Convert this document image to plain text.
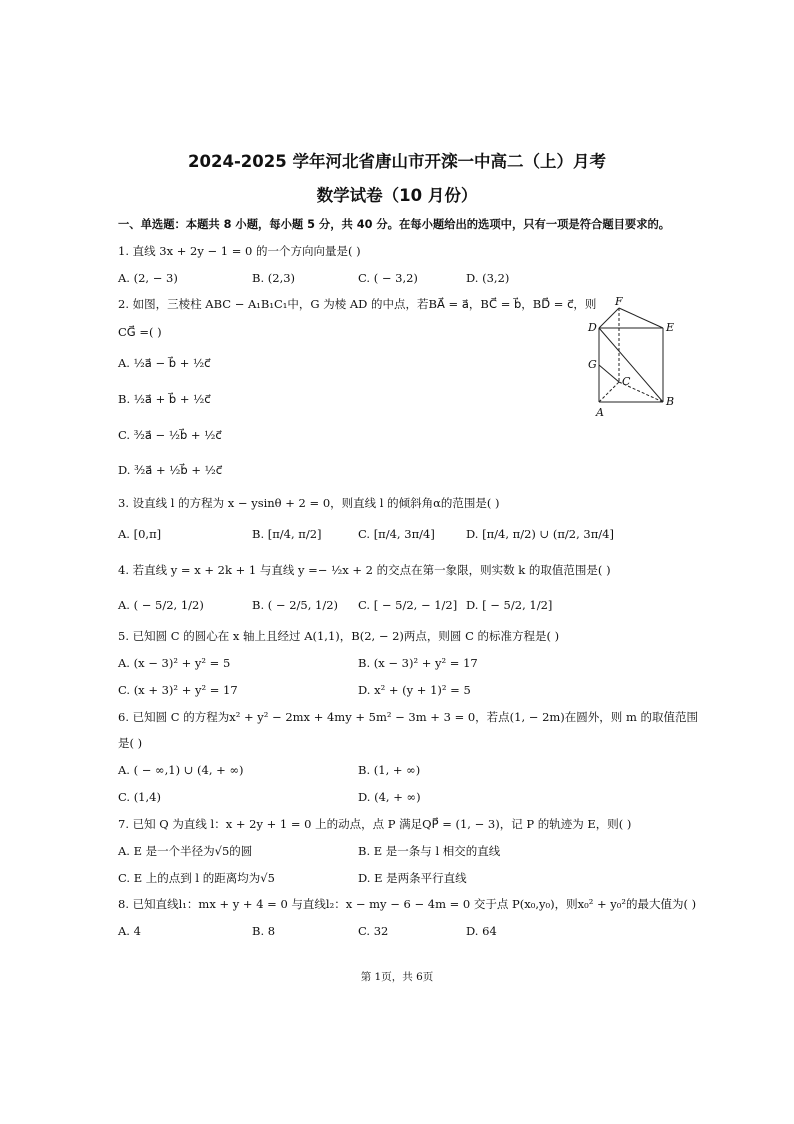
2024-2025 学年河北省唐山市开滦一中高二（上）月考
数学试卷（10 月份）
一、单选题：本题共 8 小题，每小题 5 分，共 40 分。在每小题给出的选项中，只有一项是符合题目要求的。
1. 直线 3x + 2y − 1 = 0 的一个方向向量是( )
A. (2, − 3)	B. (2,3)	C. ( − 3,2)	D. (3,2)
2. 如图，三棱柱 ABC − A₁B₁C₁中，G 为棱 AD 的中点，若BA⃗ = a⃗，BC⃗ = b⃗，BD⃗ = c⃗，则
CG⃗ =( )
A. ½a⃗ − b⃗ + ½c⃗
B. ½a⃗ + b⃗ + ½c⃗
C. ³⁄₂a⃗ − ½b⃗ + ½c⃗
D. ³⁄₂a⃗ + ½b⃗ + ½c⃗
F
D	E
G
C
A
B
3. 设直线 l 的方程为 x − ysinθ + 2 = 0，则直线 l 的倾斜角α的范围是( )
A. [0,π]	B. [π/4, π/2]	C. [π/4, 3π/4]	D. [π/4, π/2) ∪ (π/2, 3π/4]
4. 若直线 y = x + 2k + 1 与直线 y =− ½x + 2 的交点在第一象限，则实数 k 的取值范围是( )
A. ( − 5/2, 1/2)	B. ( − 2/5, 1/2) C. [ − 5/2, − 1/2] D. [ − 5/2, 1/2]
5. 已知圆 C 的圆心在 x 轴上且经过 A(1,1)，B(2, − 2)两点，则圆 C 的标准方程是( )
A. (x − 3)² + y² = 5	B. (x − 3)² + y² = 17
C. (x + 3)² + y² = 17	D. x² + (y + 1)² = 5
6. 已知圆 C 的方程为x² + y² − 2mx + 4my + 5m² − 3m + 3 = 0，若点(1, − 2m)在圆外，则 m 的取值范围
是( )
A. ( − ∞,1) ∪ (4, + ∞)	B. (1, + ∞)
C. (1,4)	D. (4, + ∞)
7. 已知 Q 为直线 l：x + 2y + 1 = 0 上的动点，点 P 满足QP⃗ = (1, − 3)，记 P 的轨迹为 E，则( )
A. E 是一个半径为√5的圆	B. E 是一条与 l 相交的直线
C. E 上的点到 l 的距离均为√5	D. E 是两条平行直线
8. 已知直线l₁：mx + y + 4 = 0 与直线l₂：x − my − 6 − 4m = 0 交于点 P(x₀,y₀)，则x₀² + y₀²的最大值为( )
A. 4	B. 8	C. 32	D. 64
第 1页，共 6页
